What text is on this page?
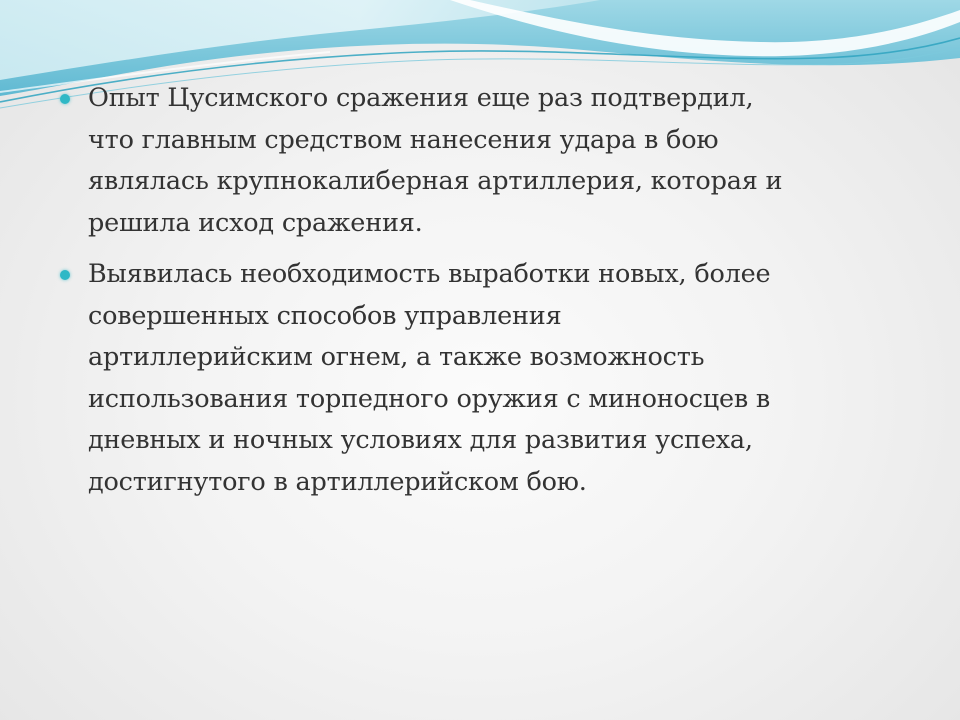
Опыт Цусимского сражения еще раз подтвердил,
что главным средством нанесения удара в бою
являлась крупнокалиберная артиллерия, которая и
решила исход сражения.
Выявилась необходимость выработки новых, более
совершенных способов управления
артиллерийским огнем, а также возможность
использования торпедного оружия с миноносцев в
дневных и ночных условиях для развития успеха,
достигнутого в артиллерийском бою.
